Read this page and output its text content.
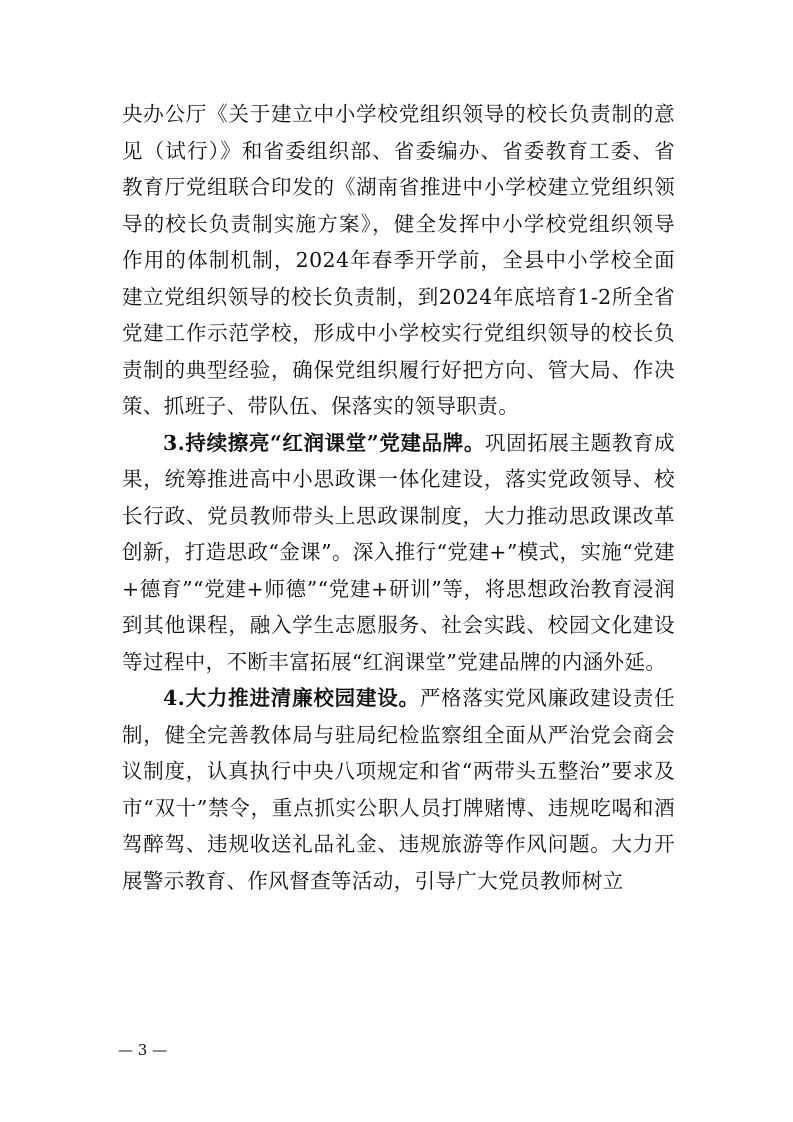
央办公厅《关于建立中小学校党组织领导的校长负责制的意见（试行）》和省委组织部、省委编办、省委教育工委、省教育厅党组联合印发的《湖南省推进中小学校建立党组织领导的校长负责制实施方案》，健全发挥中小学校党组织领导作用的体制机制，2024年春季开学前，全县中小学校全面建立党组织领导的校长负责制，到2024年底培育1-2所全省党建工作示范学校，形成中小学校实行党组织领导的校长负责制的典型经验，确保党组织履行好把方向、管大局、作决策、抓班子、带队伍、保落实的领导职责。

3.持续擦亮“红润课堂”党建品牌。巩固拓展主题教育成果，统筹推进高中小思政课一体化建设，落实党政领导、校长行政、党员教师带头上思政课制度，大力推动思政课改革创新，打造思政“金课”。深入推行“党建+”模式，实施“党建+德育”“党建+师德”“党建+研训”等，将思想政治教育浸润到其他课程，融入学生志愿服务、社会实践、校园文化建设等过程中，不断丰富拓展“红润课堂”党建品牌的内涵外延。

4.大力推进清廉校园建设。严格落实党风廉政建设责任制，健全完善教体局与驻局纪检监察组全面从严治党会商会议制度，认真执行中央八项规定和省“两带头五整治”要求及市“双十”禁令，重点抓实公职人员打牌赌博、违规吃喝和酒驾醉驾、违规收送礼品礼金、违规旅游等作风问题。大力开展警示教育、作风督查等活动，引导广大党员教师树立

— 3 —
